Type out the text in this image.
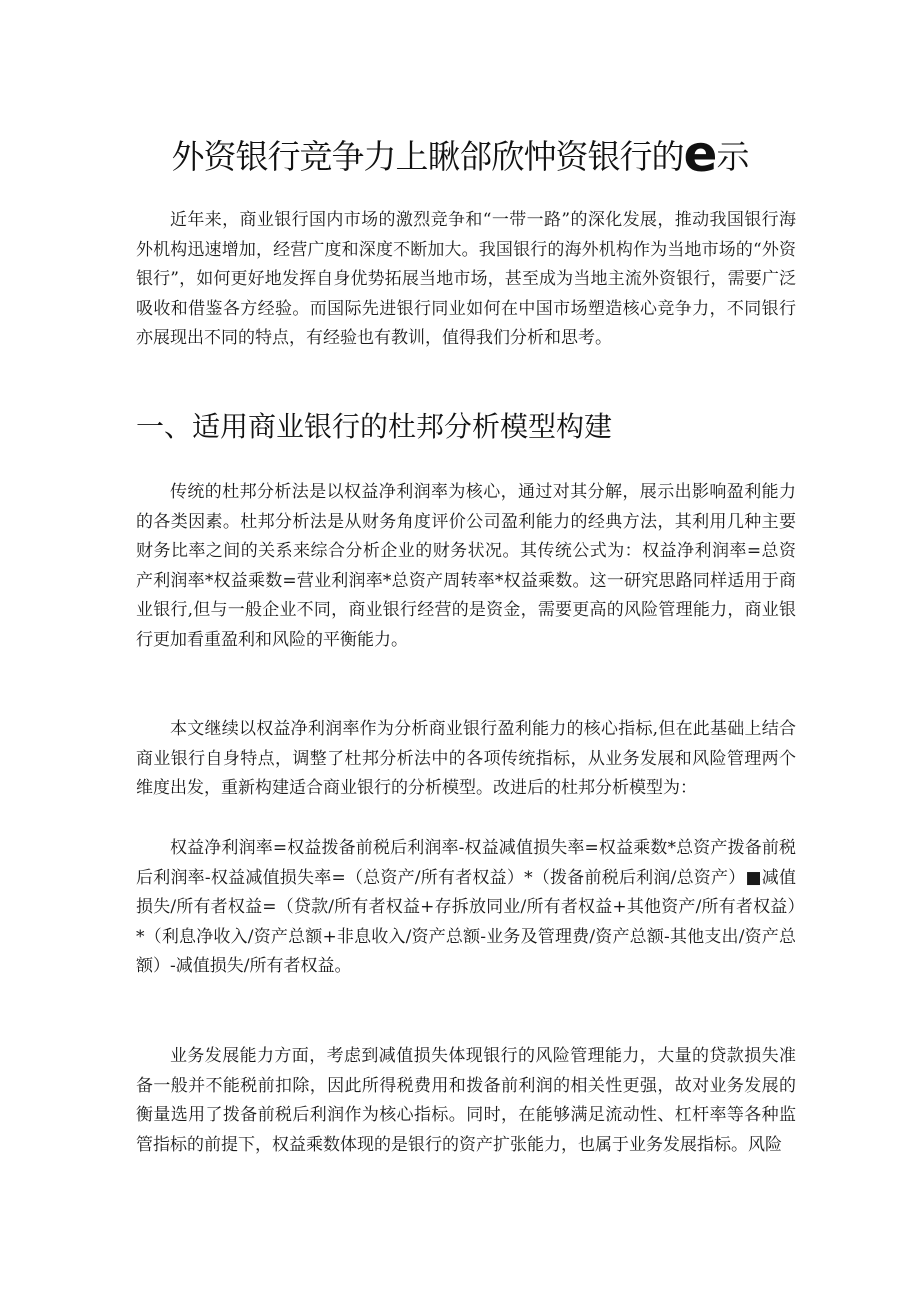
外资银行竞争力上瞅郃欣忡资银行的e示

近年来，商业银行国内市场的激烈竞争和“一带一路”的深化发展，推动我国银行海外机构迅速增加，经营广度和深度不断加大。我国银行的海外机构作为当地市场的“外资银行”，如何更好地发挥自身优势拓展当地市场，甚至成为当地主流外资银行，需要广泛吸收和借鉴各方经验。而国际先进银行同业如何在中国市场塑造核心竞争力，不同银行亦展现出不同的特点，有经验也有教训，值得我们分析和思考。

一、适用商业银行的杜邦分析模型构建

传统的杜邦分析法是以权益净利润率为核心，通过对其分解，展示出影响盈利能力的各类因素。杜邦分析法是从财务角度评价公司盈利能力的经典方法，其利用几种主要财务比率之间的关系来综合分析企业的财务状况。其传统公式为：权益净利润率=总资产利润率*权益乘数=营业利润率*总资产周转率*权益乘数。这一研究思路同样适用于商业银行,但与一般企业不同，商业银行经营的是资金，需要更高的风险管理能力，商业银行更加看重盈利和风险的平衡能力。

本文继续以权益净利润率作为分析商业银行盈利能力的核心指标,但在此基础上结合商业银行自身特点，调整了杜邦分析法中的各项传统指标，从业务发展和风险管理两个维度出发，重新构建适合商业银行的分析模型。改进后的杜邦分析模型为：

权益净利润率=权益拨备前税后利润率-权益减值损失率=权益乘数*总资产拨备前税后利润率-权益减值损失率=（总资产/所有者权益）*（拨备前税后利润/总资产）■减值损失/所有者权益=（贷款/所有者权益+存拆放同业/所有者权益+其他资产/所有者权益）*（利息净收入/资产总额+非息收入/资产总额-业务及管理费/资产总额-其他支出/资产总额）-减值损失/所有者权益。

业务发展能力方面，考虑到减值损失体现银行的风险管理能力，大量的贷款损失准备一般并不能税前扣除，因此所得税费用和拨备前利润的相关性更强，故对业务发展的衡量选用了拨备前税后利润作为核心指标。同时，在能够满足流动性、杠杆率等各种监管指标的前提下，权益乘数体现的是银行的资产扩张能力，也属于业务发展指标。风险
